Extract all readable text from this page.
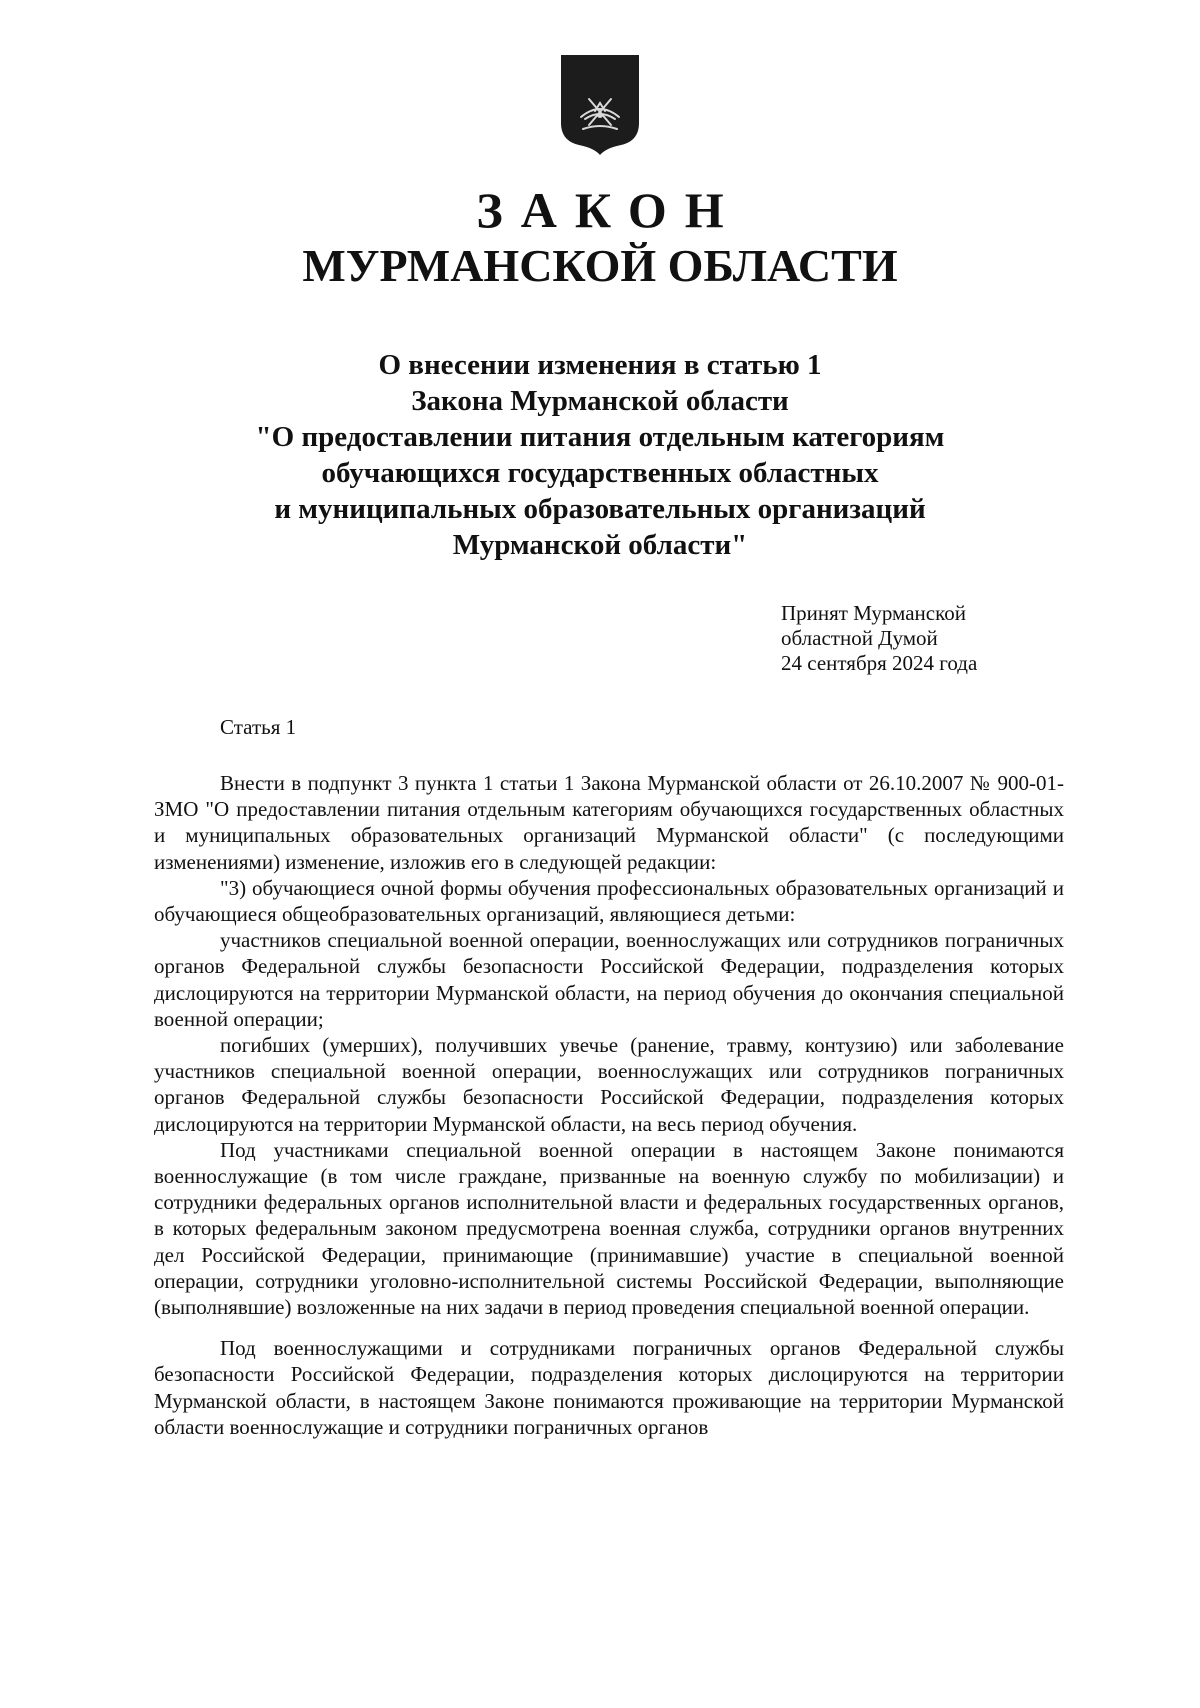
ЗАКОН
МУРМАНСКОЙ ОБЛАСТИ
О внесении изменения в статью 1
Закона Мурманской области
"О предоставлении питания отдельным категориям
обучающихся государственных областных
и муниципальных образовательных организаций
Мурманской области"
Принят Мурманской
областной Думой
24 сентября 2024 года
Статья 1

Внести в подпункт 3 пункта 1 статьи 1 Закона Мурманской области от 26.10.2007 № 900-01-ЗМО "О предоставлении питания отдельным категориям обучающихся государственных областных и муниципальных образовательных организаций Мурманской области" (с последующими изменениями) изменение, изложив его в следующей редакции:

"3) обучающиеся очной формы обучения профессиональных образовательных организаций и обучающиеся общеобразовательных организаций, являющиеся детьми:

участников специальной военной операции, военнослужащих или сотрудников пограничных органов Федеральной службы безопасности Российской Федерации, подразделения которых дислоцируются на территории Мурманской области, на период обучения до окончания специальной военной операции;

погибших (умерших), получивших увечье (ранение, травму, контузию) или заболевание участников специальной военной операции, военнослужащих или сотрудников пограничных органов Федеральной службы безопасности Российской Федерации, подразделения которых дислоцируются на территории Мурманской области, на весь период обучения.

Под участниками специальной военной операции в настоящем Законе понимаются военнослужащие (в том числе граждане, призванные на военную службу по мобилизации) и сотрудники федеральных органов исполнительной власти и федеральных государственных органов, в которых федеральным законом предусмотрена военная служба, сотрудники органов внутренних дел Российской Федерации, принимающие (принимавшие) участие в специальной военной операции, сотрудники уголовно-исполнительной системы Российской Федерации, выполняющие (выполнявшие) возложенные на них задачи в период проведения специальной военной операции.

Под военнослужащими и сотрудниками пограничных органов Федеральной службы безопасности Российской Федерации, подразделения которых дислоцируются на территории Мурманской области, в настоящем Законе понимаются проживающие на территории Мурманской области военнослужащие и сотрудники пограничных органов
